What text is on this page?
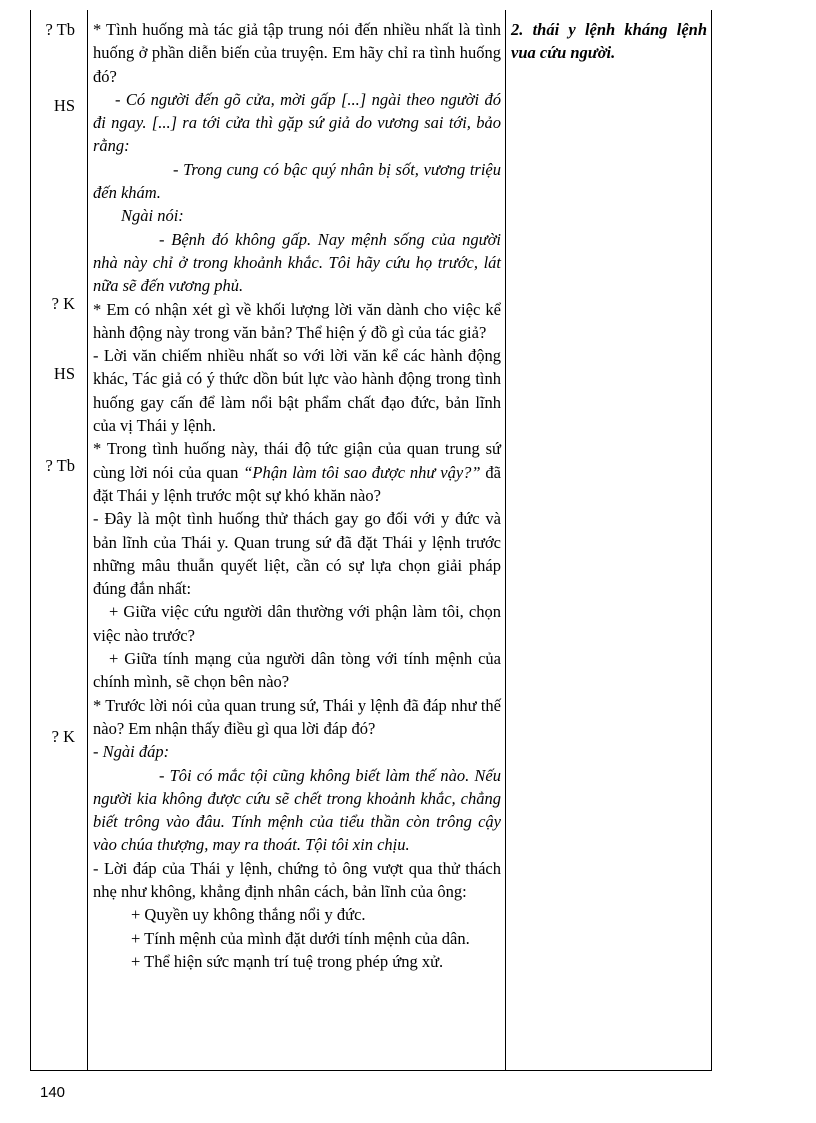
? Tb
HS
? K
HS
? Tb
? K

* Tình huống mà tác giả tập trung nói đến nhiều nhất là tình huống ở phần diễn biến của truyện. Em hãy chỉ ra tình huống đó?

- Có người đến gõ cửa, mời gấp [...] ngài theo người đó đi ngay. [...] ra tới cửa thì gặp sứ giả do vương sai tới, bảo rằng:

- Trong cung có bậc quý nhân bị sốt, vương triệu đến khám.

Ngài nói:

- Bệnh đó không gấp. Nay mệnh sống của người nhà này chỉ ở trong khoảnh khắc. Tôi hãy cứu họ trước, lát nữa sẽ đến vương phủ.

* Em có nhận xét gì về khối lượng lời văn dành cho việc kể hành động này trong văn bản? Thể hiện ý đồ gì của tác giả?

- Lời văn chiếm nhiều nhất so với lời văn kể các hành động khác, Tác giả có ý thức dồn bút lực vào hành động trong tình huống gay cấn để làm nổi bật phẩm chất đạo đức, bản lĩnh của vị Thái y lệnh.

* Trong tình huống này, thái độ tức giận của quan trung sứ cùng lời nói của quan “Phận làm tôi sao được như vậy?” đã đặt Thái y lệnh trước một sự khó khăn nào?

- Đây là một tình huống thử thách gay go đối với y đức và bản lĩnh của Thái y. Quan trung sứ đã đặt Thái y lệnh trước những mâu thuẫn quyết liệt, cần có sự lựa chọn giải pháp đúng đắn nhất:

+ Giữa việc cứu người dân thường với phận làm tôi, chọn việc nào trước?

+ Giữa tính mạng của người dân tòng với tính mệnh của chính mình, sẽ chọn bên nào?

* Trước lời nói của quan trung sứ, Thái y lệnh đã đáp như thế nào? Em nhận thấy điều gì qua lời đáp đó?

- Ngài đáp:

- Tôi có mắc tội cũng không biết làm thế nào. Nếu người kia không được cứu sẽ chết trong khoảnh khắc, chẳng biết trông vào đâu. Tính mệnh của tiểu thần còn trông cậy vào chúa thượng, may ra thoát. Tội tôi xin chịu.

- Lời đáp của Thái y lệnh, chứng tỏ ông vượt qua thử thách nhẹ như không, khẳng định nhân cách, bản lĩnh của ông:

+ Quyền uy không thắng nổi y đức.

+ Tính mệnh của mình đặt dưới tính mệnh của dân.

+ Thể hiện sức mạnh trí tuệ trong phép ứng xử.

2. thái y lệnh kháng lệnh vua cứu người.

140
